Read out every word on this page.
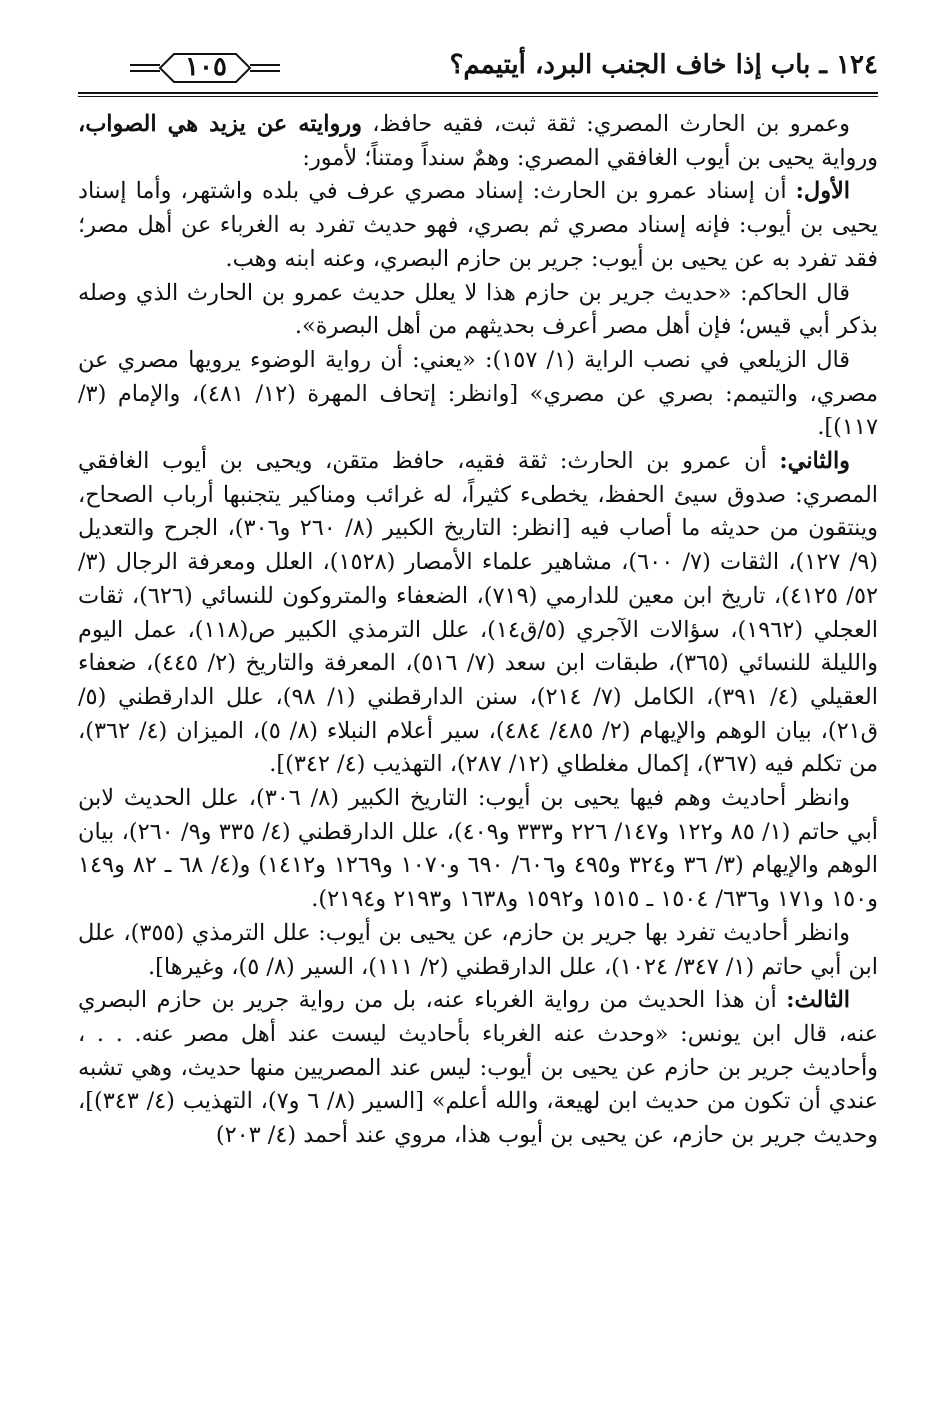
١٢٤ ـ باب إذا خاف الجنب البرد، أيتيمم؟
١٠٥

وعمرو بن الحارث المصري: ثقة ثبت، فقيه حافظ، وروايته عن يزيد هي الصواب، ورواية يحيى بن أيوب الغافقي المصري: وهمٌ سنداً ومتناً؛ لأمور:

الأول: أن إسناد عمرو بن الحارث: إسناد مصري عرف في بلده واشتهر، وأما إسناد يحيى بن أيوب: فإنه إسناد مصري ثم بصري، فهو حديث تفرد به الغرباء عن أهل مصر؛ فقد تفرد به عن يحيى بن أيوب: جرير بن حازم البصري، وعنه ابنه وهب.

قال الحاكم: «حديث جرير بن حازم هذا لا يعلل حديث عمرو بن الحارث الذي وصله بذكر أبي قيس؛ فإن أهل مصر أعرف بحديثهم من أهل البصرة».

قال الزيلعي في نصب الراية (١/ ١٥٧): «يعني: أن رواية الوضوء يرويها مصري عن مصري، والتيمم: بصري عن مصري» [وانظر: إتحاف المهرة (١٢/ ٤٨١)، والإمام (٣/ ١١٧)].

والثاني: أن عمرو بن الحارث: ثقة فقيه، حافظ متقن، ويحيى بن أيوب الغافقي المصري: صدوق سيئ الحفظ، يخطىء كثيراً، له غرائب ومناكير يتجنبها أرباب الصحاح، وينتقون من حديثه ما أصاب فيه [انظر: التاريخ الكبير (٨/ ٢٦٠ و٣٠٦)، الجرح والتعديل (٩/ ١٢٧)، الثقات (٧/ ٦٠٠)، مشاهير علماء الأمصار (١٥٢٨)، العلل ومعرفة الرجال (٣/ ٥٢/ ٤١٢٥)، تاريخ ابن معين للدارمي (٧١٩)، الضعفاء والمتروكون للنسائي (٦٢٦)، ثقات العجلي (١٩٦٢)، سؤالات الآجري (٥/ق١٤)، علل الترمذي الكبير ص(١١٨)، عمل اليوم والليلة للنسائي (٣٦٥)، طبقات ابن سعد (٧/ ٥١٦)، المعرفة والتاريخ (٢/ ٤٤٥)، ضعفاء العقيلي (٤/ ٣٩١)، الكامل (٧/ ٢١٤)، سنن الدارقطني (١/ ٩٨)، علل الدارقطني (٥/ ق٢١)، بيان الوهم والإيهام (٢/ ٤٨٥/ ٤٨٤)، سير أعلام النبلاء (٨/ ٥)، الميزان (٤/ ٣٦٢)، من تكلم فيه (٣٦٧)، إكمال مغلطاي (١٢/ ٢٨٧)، التهذيب (٤/ ٣٤٢)].

وانظر أحاديث وهم فيها يحيى بن أيوب: التاريخ الكبير (٨/ ٣٠٦)، علل الحديث لابن أبي حاتم (١/ ٨٥ و١٢٢ و١٤٧/ ٢٢٦ و٣٣٣ و٤٠٩)، علل الدارقطني (٤/ ٣٣٥ و٩/ ٢٦٠)، بيان الوهم والإيهام (٣/ ٣٦ و٣٢٤ و٤٩٥ و٦٠٦/ ٦٩٠ و١٠٧٠ و١٢٦٩ و١٤١٢) و(٤/ ٦٨ ـ ٨٢ و١٤٩ و١٥٠ و١٧١ و٦٣٦/ ١٥٠٤ ـ ١٥١٥ و١٥٩٢ و١٦٣٨ و٢١٩٣ و٢١٩٤).

وانظر أحاديث تفرد بها جرير بن حازم، عن يحيى بن أيوب: علل الترمذي (٣٥٥)، علل ابن أبي حاتم (١/ ٣٤٧/ ١٠٢٤)، علل الدارقطني (٢/ ١١١)، السير (٨/ ٥)، وغيرها].

الثالث: أن هذا الحديث من رواية الغرباء عنه، بل من رواية جرير بن حازم البصري عنه، قال ابن يونس: «وحدث عنه الغرباء بأحاديث ليست عند أهل مصر عنه. . . ، وأحاديث جرير بن حازم عن يحيى بن أيوب: ليس عند المصريين منها حديث، وهي تشبه عندي أن تكون من حديث ابن لهيعة، والله أعلم» [السير (٨/ ٦ و٧)، التهذيب (٤/ ٣٤٣)]، وحديث جرير بن حازم، عن يحيى بن أيوب هذا، مروي عند أحمد (٤/ ٢٠٣)
